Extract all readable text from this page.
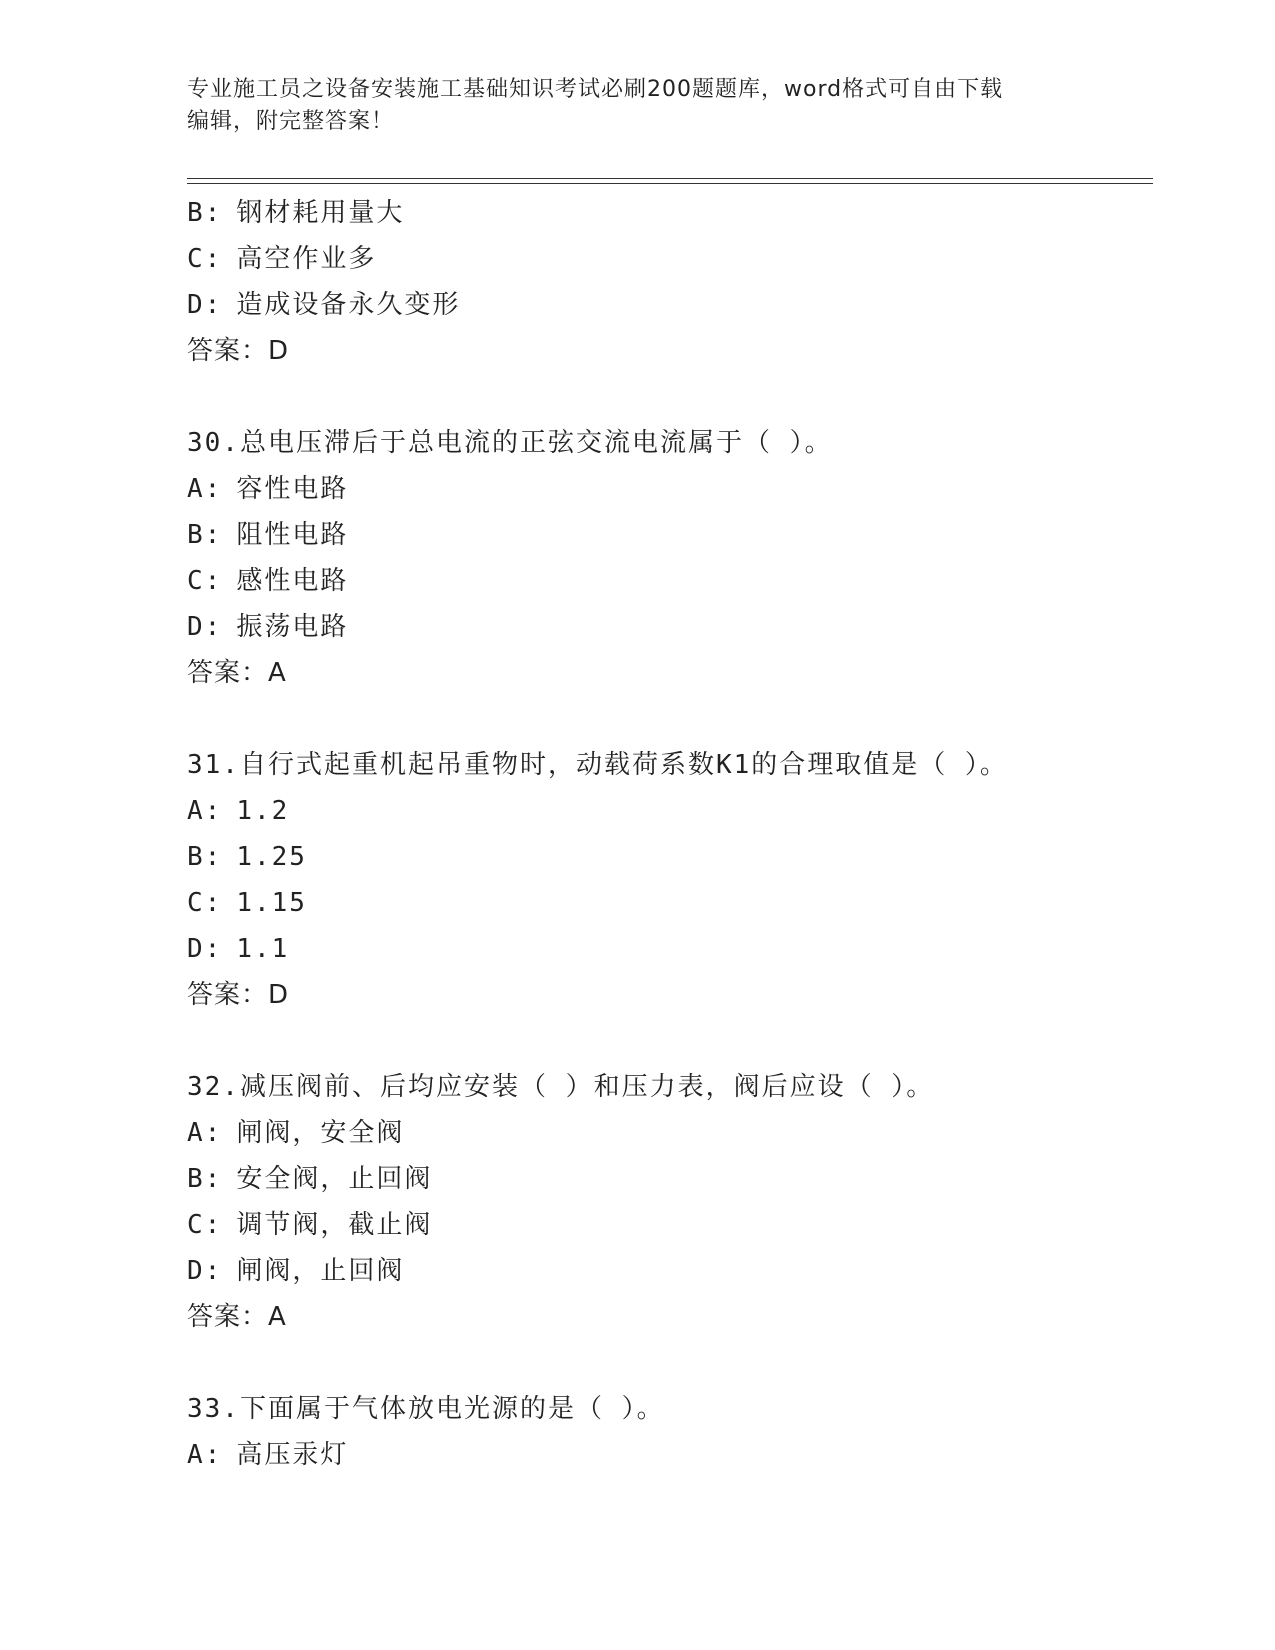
专业施工员之设备安装施工基础知识考试必刷200题题库，word格式可自由下载
编辑，附完整答案！
B: 钢材耗用量大
C: 高空作业多
D: 造成设备永久变形
答案：D
30.总电压滞后于总电流的正弦交流电流属于（ ）。
A: 容性电路
B: 阻性电路
C: 感性电路
D: 振荡电路
答案：A
31.自行式起重机起吊重物时，动载荷系数K1的合理取值是（ ）。
A: 1.2
B: 1.25
C: 1.15
D: 1.1
答案：D
32.减压阀前、后均应安装（ ）和压力表，阀后应设（ ）。
A: 闸阀，安全阀
B: 安全阀，止回阀
C: 调节阀，截止阀
D: 闸阀，止回阀
答案：A
33.下面属于气体放电光源的是（ ）。
A: 高压汞灯
